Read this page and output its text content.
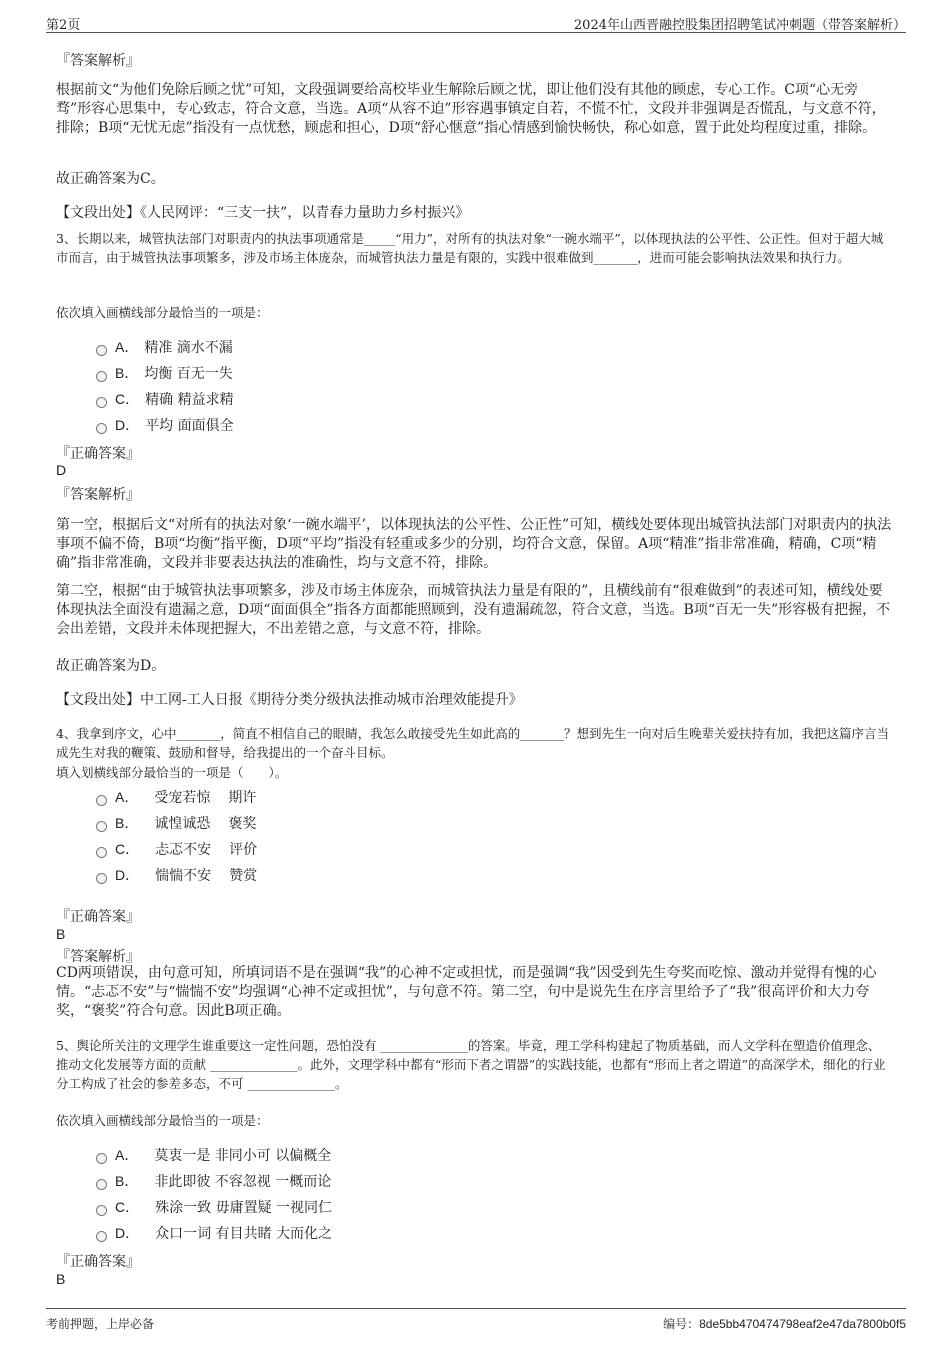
第2页	2024年山西晋融控股集团招聘笔试冲刺题（带答案解析）
『答案解析』
根据前文“为他们免除后顾之忧”可知，文段强调要给高校毕业生解除后顾之忧，即让他们没有其他的顾虑，专心工作。C项“心无旁骛”形容心思集中，专心致志，符合文意，当选。A项“从容不迫”形容遇事镇定自若，不慌不忙，文段并非强调是否慌乱，与文意不符，排除；B项“无忧无虑”指没有一点忧愁，顾虑和担心，D项“舒心惬意”指心情感到愉快畅快，称心如意，置于此处均程度过重，排除。
故正确答案为C。
【文段出处】《人民网评：“三支一扶”，以青春力量助力乡村振兴》
3、长期以来，城管执法部门对职责内的执法事项通常是_____“用力”，对所有的执法对象“一碗水端平”，以体现执法的公平性、公正性。但对于超大城市而言，由于城管执法事项繁多，涉及市场主体庞杂，而城管执法力量是有限的，实践中很难做到_______，进而可能会影响执法效果和执行力。
依次填入画横线部分最恰当的一项是：
A． 精准 滴水不漏
B． 均衡 百无一失
C． 精确 精益求精
D． 平均 面面俱全
『正确答案』
D
『答案解析』
第一空，根据后文“对所有的执法对象‘一碗水端平’，以体现执法的公平性、公正性”可知，横线处要体现出城管执法部门对职责内的执法事项不偏不倚，B项“均衡”指平衡，D项“平均”指没有轻重或多少的分别，均符合文意，保留。A项“精准”指非常准确，精确，C项“精确”指非常准确，文段并非要表达执法的准确性，均与文意不符，排除。
第二空，根据“由于城管执法事项繁多，涉及市场主体庞杂，而城管执法力量是有限的”，且横线前有“很难做到”的表述可知，横线处要体现执法全面没有遗漏之意，D项“面面俱全”指各方面都能照顾到，没有遗漏疏忽，符合文意，当选。B项“百无一失”形容极有把握，不会出差错，文段并未体现把握大，不出差错之意，与文意不符，排除。
故正确答案为D。
【文段出处】中工网-工人日报《期待分类分级执法推动城市治理效能提升》
4、我拿到序文，心中_______，简直不相信自己的眼睛，我怎么敢接受先生如此高的_______？想到先生一向对后生晚辈关爱扶持有加，我把这篇序言当成先生对我的鞭策、鼓励和督导，给我提出的一个奋斗目标。
填入划横线部分最恰当的一项是（　　）。
A． 受宠若惊 期许
B． 诚惶诚恐 褒奖
C． 忐忑不安 评价
D． 惴惴不安 赞赏
『正确答案』
B
『答案解析』
CD两项错误，由句意可知，所填词语不是在强调“我”的心神不定或担忧，而是强调“我”因受到先生夸奖而吃惊、激动并觉得有愧的心情。“忐忑不安”与“惴惴不安”均强调“心神不定或担忧”，与句意不符。第二空，句中是说先生在序言里给予了“我”很高评价和大力夸奖，“褒奖”符合句意。因此B项正确。
5、舆论所关注的文理学生谁重要这一定性问题，恐怕没有 ______________的答案。毕竟，理工学科构建起了物质基础，而人文学科在塑造价值理念、推动文化发展等方面的贡献 ______________。此外，文理学科中都有“形而下者之谓器”的实践技能，也都有“形而上者之谓道”的高深学术，细化的行业分工构成了社会的参差多态，不可 ______________。
依次填入画横线部分最恰当的一项是：
A． 莫衷一是 非同小可 以偏概全
B． 非此即彼 不容忽视 一概而论
C． 殊涂一致 毋庸置疑 一视同仁
D． 众口一词 有目共睹 大而化之
『正确答案』
B
考前押题，上岸必备	编号：8de5bb470474798eaf2e47da7800b0f5
